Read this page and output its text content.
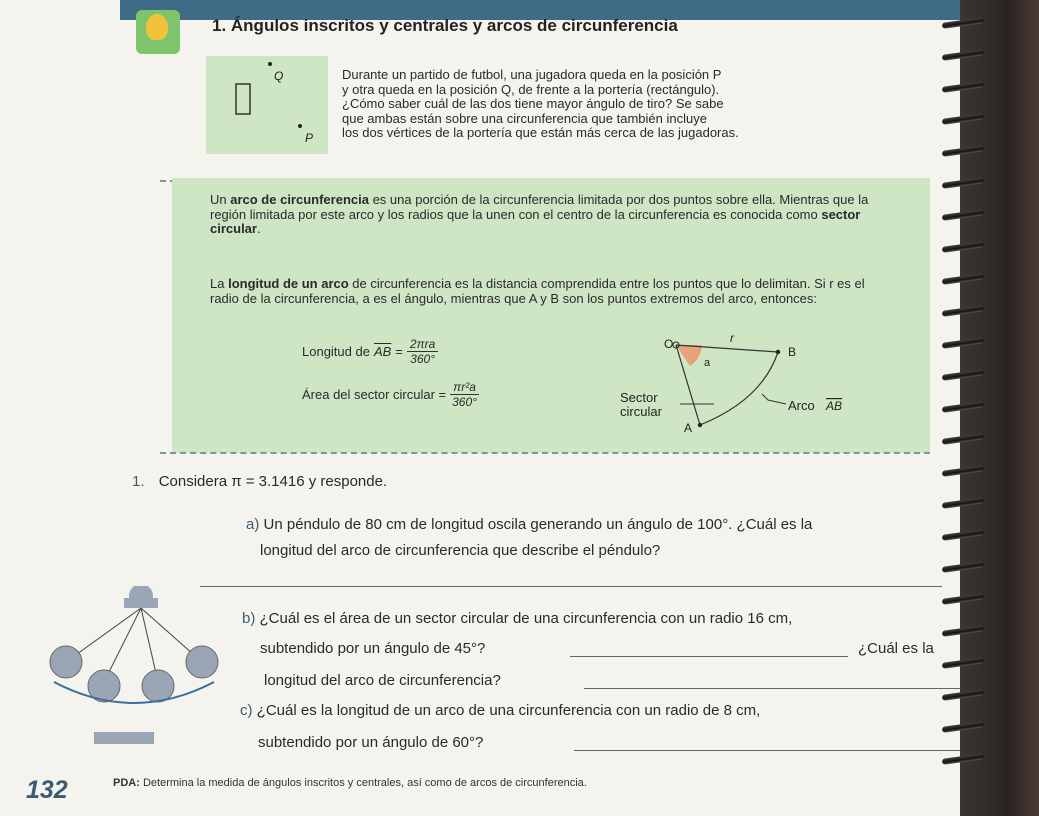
1. Ángulos inscritos y centrales y arcos de circunferencia
Q
P
Durante un partido de futbol, una jugadora queda en la posición P
y otra queda en la posición Q, de frente a la portería (rectángulo).
¿Cómo saber cuál de las dos tiene mayor ángulo de tiro? Se sabe
que ambas están sobre una circunferencia que también incluye
los dos vértices de la portería que están más cerca de las jugadoras.
Un arco de circunferencia es una porción de la circunferencia limitada por dos puntos sobre ella. Mientras que la región limitada por este arco y los radios que la unen con el centro de la circunferencia es conocida como sector circular.
La longitud de un arco de circunferencia es la distancia comprendida entre los puntos que lo delimitan. Si r es el radio de la circunferencia, a es el ángulo, mientras que A y B son los puntos extremos del arco, entonces:
Longitud de $\overline{AB} = \frac{\text{2πra}}{360^\circ}$
Área del sector circular = $\frac{\text{πr²a}}{360^\circ}$
O	r
B
a
Sector
circular	Arco AB
A
1. Considera π = 3.1416 y responde.
a) Un péndulo de 80 cm de longitud oscila generando un ángulo de 100°. ¿Cuál es la
longitud del arco de circunferencia que describe el péndulo?
b) ¿Cuál es el área de un sector circular de una circunferencia con un radio 16 cm,
subtendido por un ángulo de 45°?	¿Cuál es la
longitud del arco de circunferencia?
c) ¿Cuál es la longitud de un arco de una circunferencia con un radio de 8 cm,
subtendido por un ángulo de 60°?
132	PDA: Determina la medida de ángulos inscritos y centrales, así como de arcos de circunferencia.
